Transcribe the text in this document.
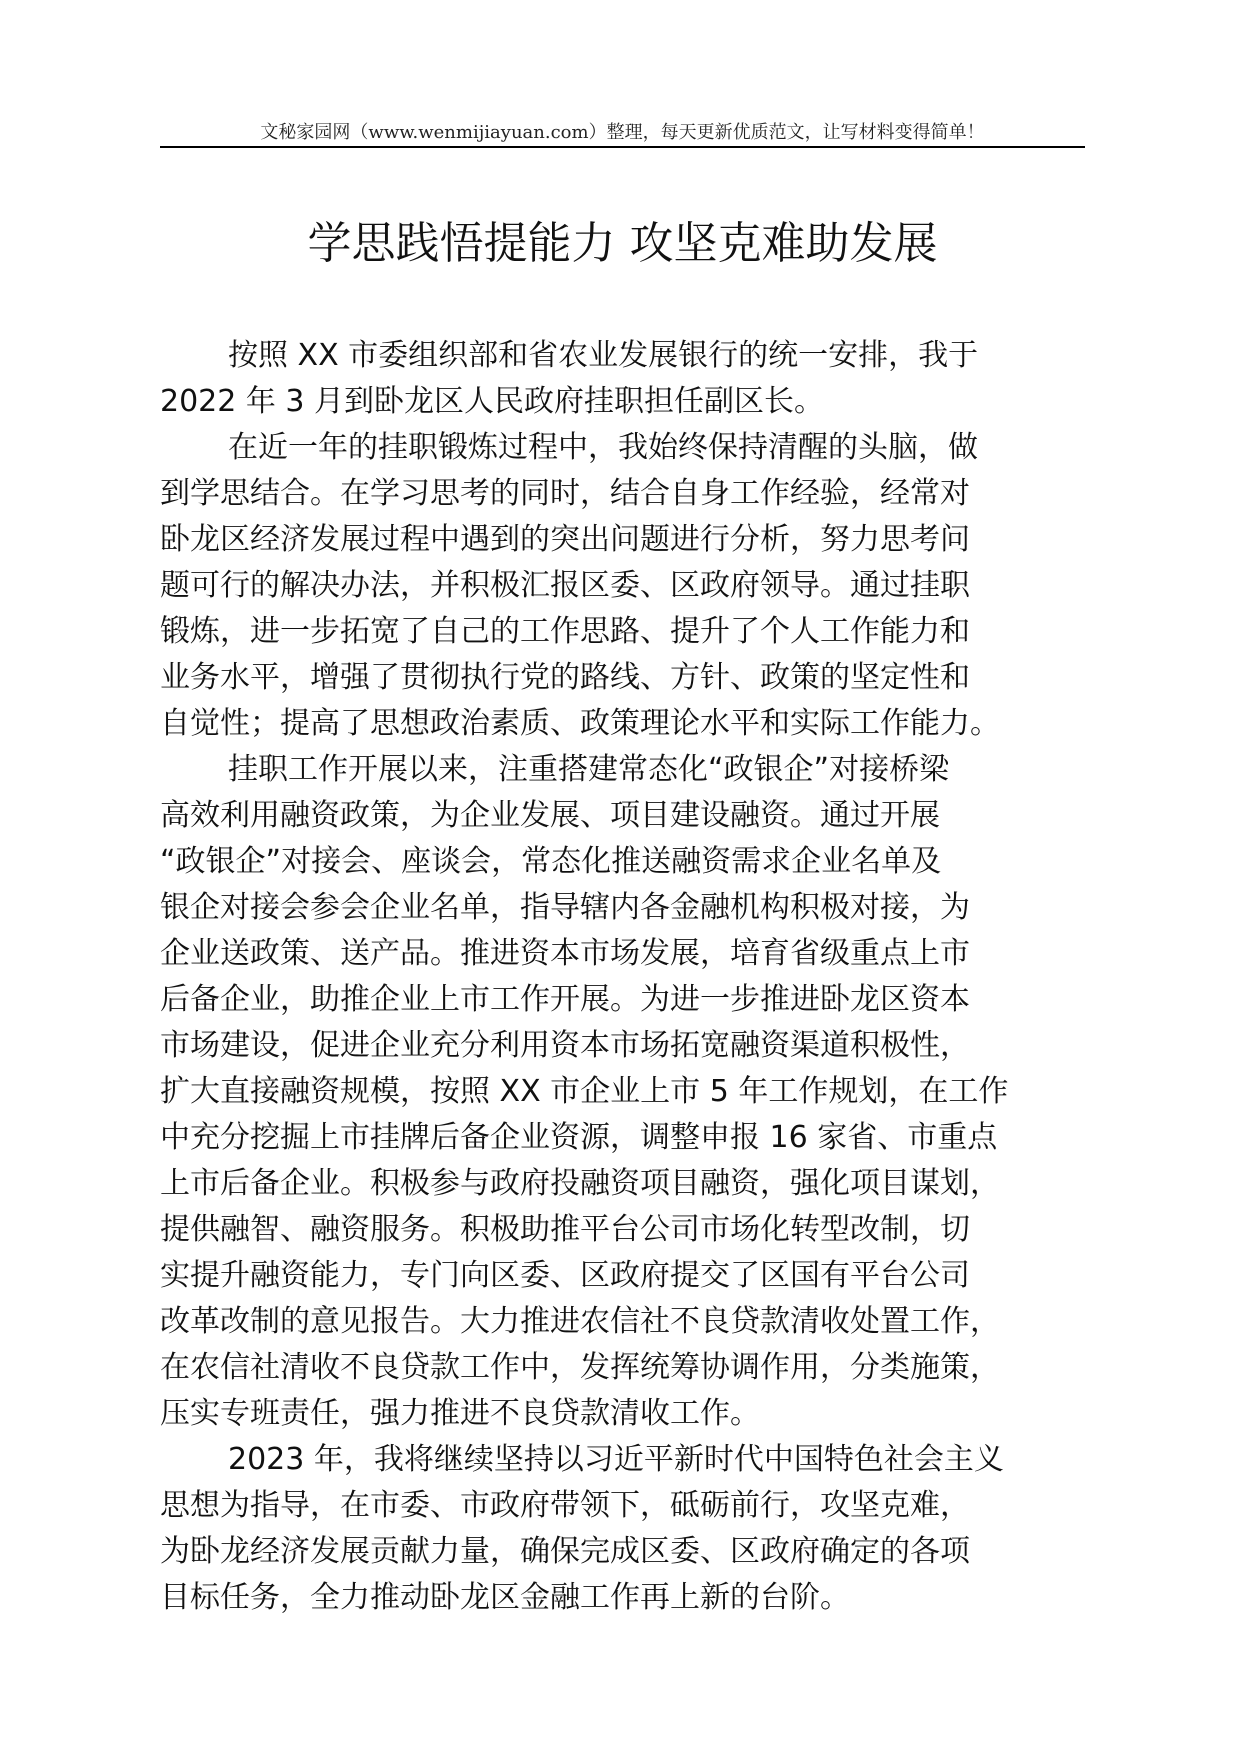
文秘家园网（www.wenmijiayuan.com）整理，每天更新优质范文，让写材料变得简单！
学思践悟提能力 攻坚克难助发展

按照 XX 市委组织部和省农业发展银行的统一安排，我于
2022 年 3 月到卧龙区人民政府挂职担任副区长。

在近一年的挂职锻炼过程中，我始终保持清醒的头脑，做
到学思结合。在学习思考的同时，结合自身工作经验，经常对
卧龙区经济发展过程中遇到的突出问题进行分析，努力思考问
题可行的解决办法，并积极汇报区委、区政府领导。通过挂职
锻炼，进一步拓宽了自己的工作思路、提升了个人工作能力和
业务水平，增强了贯彻执行党的路线、方针、政策的坚定性和
自觉性；提高了思想政治素质、政策理论水平和实际工作能力。

挂职工作开展以来，注重搭建常态化“政银企”对接桥梁
高效利用融资政策，为企业发展、项目建设融资。通过开展
“政银企”对接会、座谈会，常态化推送融资需求企业名单及
银企对接会参会企业名单，指导辖内各金融机构积极对接，为
企业送政策、送产品。推进资本市场发展，培育省级重点上市
后备企业，助推企业上市工作开展。为进一步推进卧龙区资本
市场建设，促进企业充分利用资本市场拓宽融资渠道积极性，
扩大直接融资规模，按照 XX 市企业上市 5 年工作规划，在工作
中充分挖掘上市挂牌后备企业资源，调整申报 16 家省、市重点
上市后备企业。积极参与政府投融资项目融资，强化项目谋划，
提供融智、融资服务。积极助推平台公司市场化转型改制，切
实提升融资能力，专门向区委、区政府提交了区国有平台公司
改革改制的意见报告。大力推进农信社不良贷款清收处置工作，
在农信社清收不良贷款工作中，发挥统筹协调作用，分类施策，
压实专班责任，强力推进不良贷款清收工作。

2023 年，我将继续坚持以习近平新时代中国特色社会主义
思想为指导，在市委、市政府带领下，砥砺前行，攻坚克难，
为卧龙经济发展贡献力量，确保完成区委、区政府确定的各项
目标任务，全力推动卧龙区金融工作再上新的台阶。
